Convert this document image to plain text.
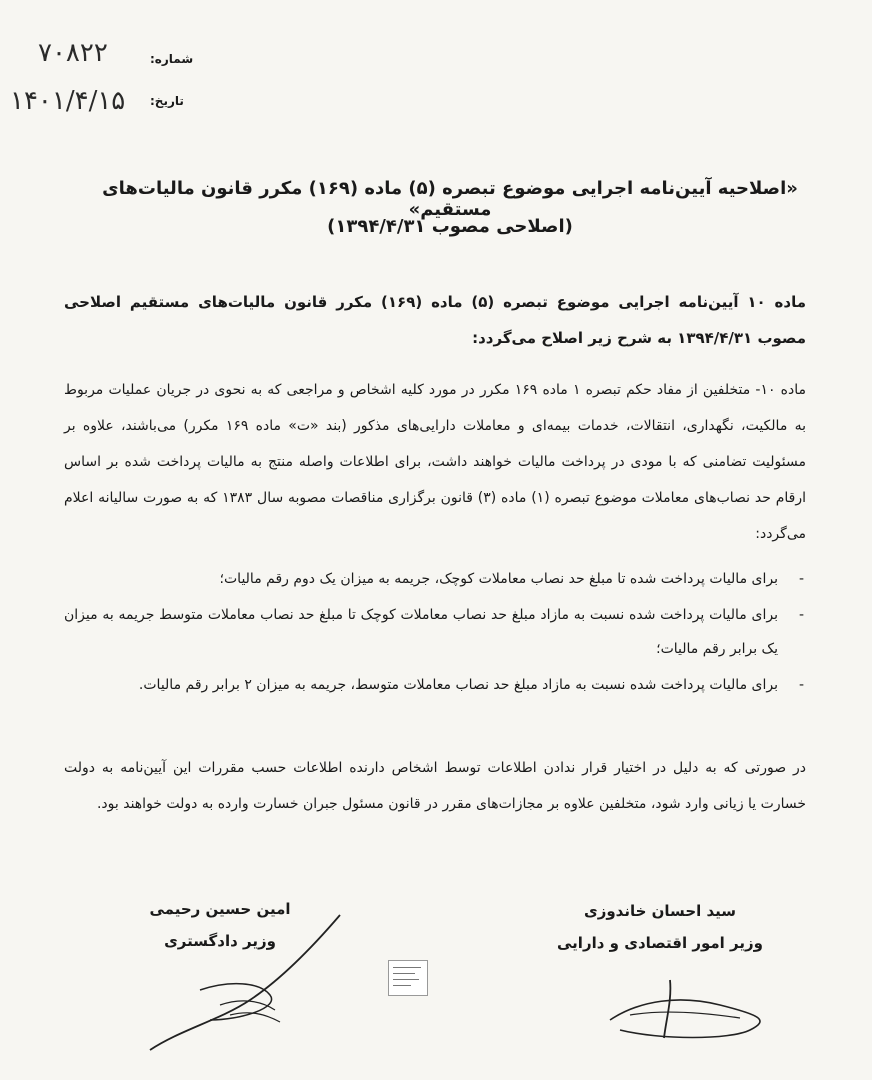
شماره:
۷۰۸۲۲
تاریخ:
۱۴۰۱/۴/۱۵
«اصلاحیه آیین‌نامه اجرایی موضوع تبصره (۵) ماده (۱۶۹) مکرر قانون مالیات‌های مستقیم»
(اصلاحی مصوب ۱۳۹۴/۴/۳۱)
ماده ۱۰ آیین‌نامه اجرایی موضوع تبصره (۵) ماده (۱۶۹) مکرر قانون مالیات‌های مستقیم اصلاحی مصوب ۱۳۹۴/۴/۳۱ به شرح زیر اصلاح می‌گردد:
ماده ۱۰- متخلفین از مفاد حکم تبصره ۱ ماده ۱۶۹ مکرر در مورد کلیه اشخاص و مراجعی که به نحوی در جریان عملیات مربوط به مالکیت، نگهداری، انتقالات، خدمات بیمه‌ای و معاملات دارایی‌های مذکور (بند «ت» ماده ۱۶۹ مکرر) می‌باشند، علاوه بر مسئولیت تضامنی که با مودی در پرداخت مالیات خواهند داشت، برای اطلاعات واصله منتج به مالیات پرداخت شده بر اساس ارقام حد نصاب‌های معاملات موضوع تبصره (۱) ماده (۳) قانون برگزاری مناقصات مصوبه سال ۱۳۸۳ که به صورت سالیانه اعلام می‌گردد:
-
برای مالیات پرداخت شده تا مبلغ حد نصاب معاملات کوچک، جریمه به میزان یک دوم رقم مالیات؛
-
برای مالیات پرداخت شده نسبت به مازاد مبلغ حد نصاب معاملات کوچک تا مبلغ حد نصاب معاملات متوسط جریمه به میزان یک برابر رقم مالیات؛
-
برای مالیات پرداخت شده نسبت به مازاد مبلغ حد نصاب معاملات متوسط، جریمه به میزان ۲ برابر رقم مالیات.
در صورتی که به دلیل در اختیار قرار ندادن اطلاعات توسط اشخاص دارنده اطلاعات حسب مقررات این آیین‌نامه به دولت خسارت یا زیانی وارد شود، متخلفین علاوه بر مجازات‌های مقرر در قانون مسئول جبران خسارت وارده به دولت خواهند بود.
سید احسان خاندوزی
وزیر امور اقتصادی و دارایی
امین حسین رحیمی
وزیر دادگستری
